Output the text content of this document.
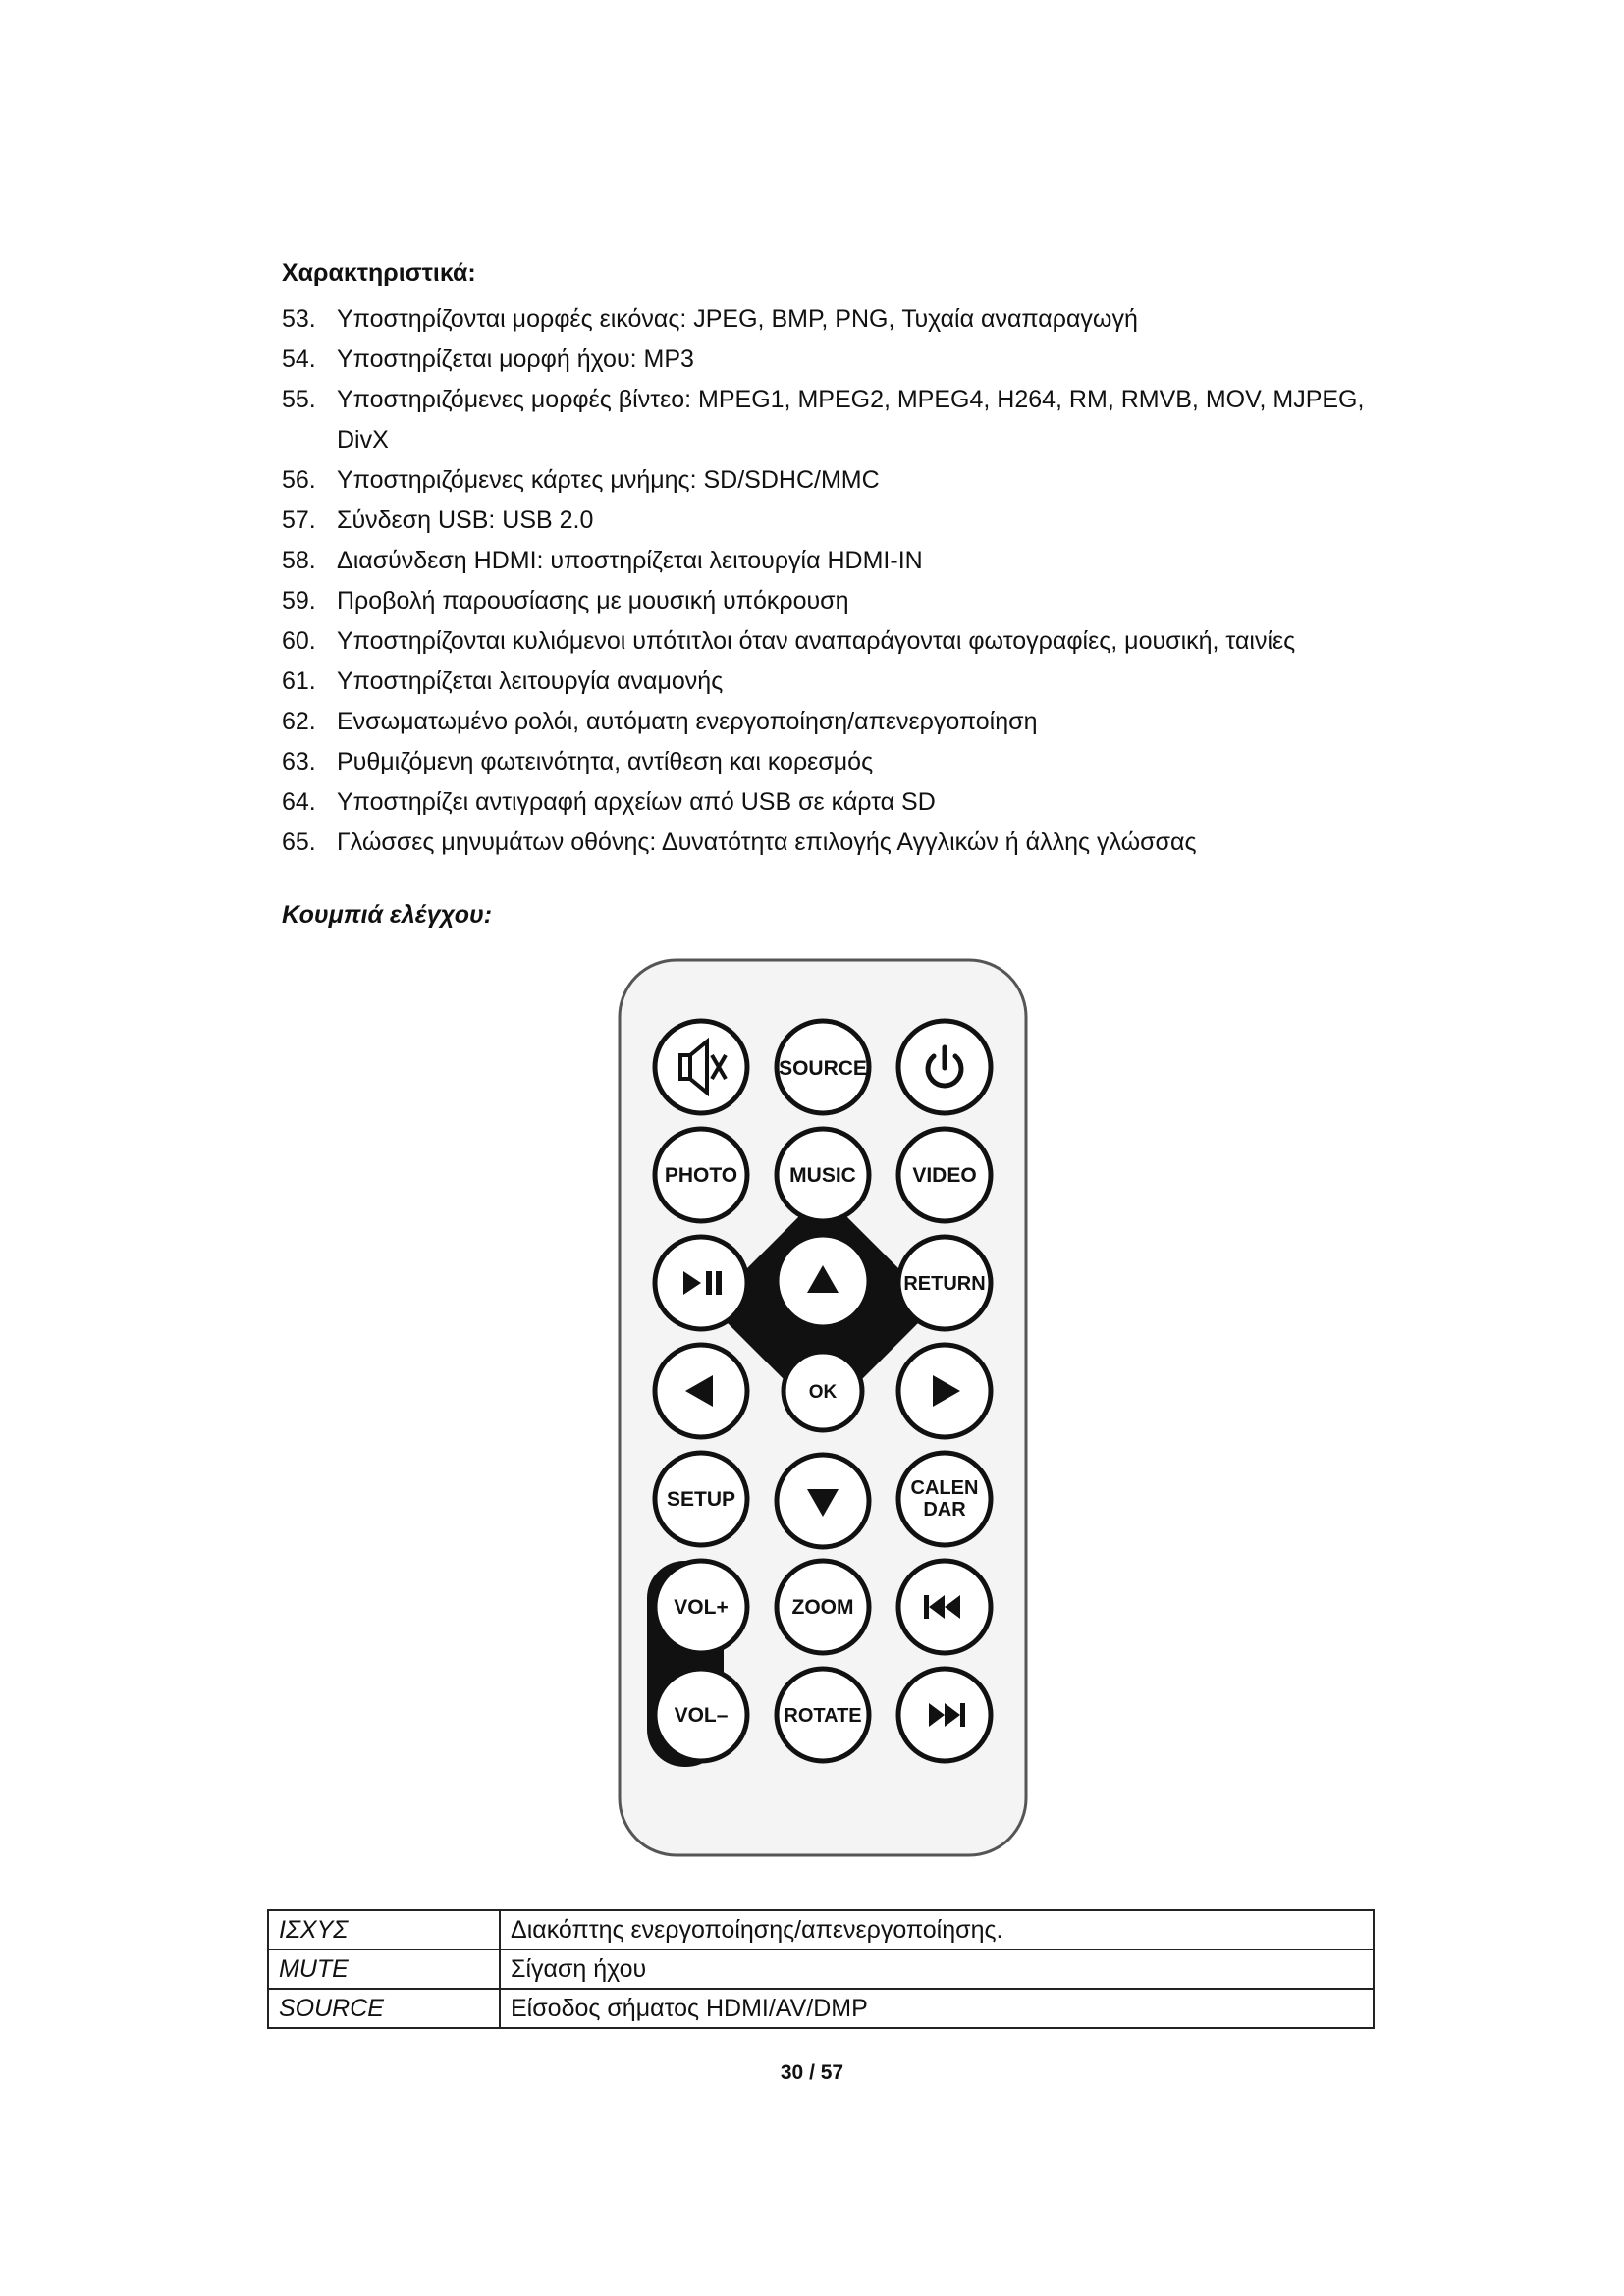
Χαρακτηριστικά:
53. Υποστηρίζονται μορφές εικόνας: JPEG, BMP, PNG, Τυχαία αναπαραγωγή
54. Υποστηρίζεται μορφή ήχου: MP3
55. Υποστηριζόμενες μορφές βίντεο: MPEG1, MPEG2, MPEG4, H264, RM, RMVB, MOV, MJPEG, DivX
56. Υποστηριζόμενες κάρτες μνήμης: SD/SDHC/MMC
57. Σύνδεση USB: USB 2.0
58. Διασύνδεση HDMI: υποστηρίζεται λειτουργία HDMI-IN
59. Προβολή παρουσίασης με μουσική υπόκρουση
60. Υποστηρίζονται κυλιόμενοι υπότιτλοι όταν αναπαράγονται φωτογραφίες, μουσική, ταινίες
61. Υποστηρίζεται λειτουργία αναμονής
62. Ενσωματωμένο ρολόι, αυτόματη ενεργοποίηση/απενεργοποίηση
63. Ρυθμιζόμενη φωτεινότητα, αντίθεση και κορεσμός
64. Υποστηρίζει αντιγραφή αρχείων από USB σε κάρτα SD
65. Γλώσσες μηνυμάτων οθόνης: Δυνατότητα επιλογής Αγγλικών ή άλλης γλώσσας
Κουμπιά ελέγχου:
SOURCE
PHOTO	MUSIC	VIDEO
RETURN
OK
SETUP	CALEN
DAR
VOL+	ZOOM
VOL–	ROTATE
ΙΣΧΥΣ	Διακόπτης ενεργοποίησης/απενεργοποίησης.
MUTE	Σίγαση ήχου
SOURCE	Είσοδος σήματος HDMI/AV/DMP
30 / 57
